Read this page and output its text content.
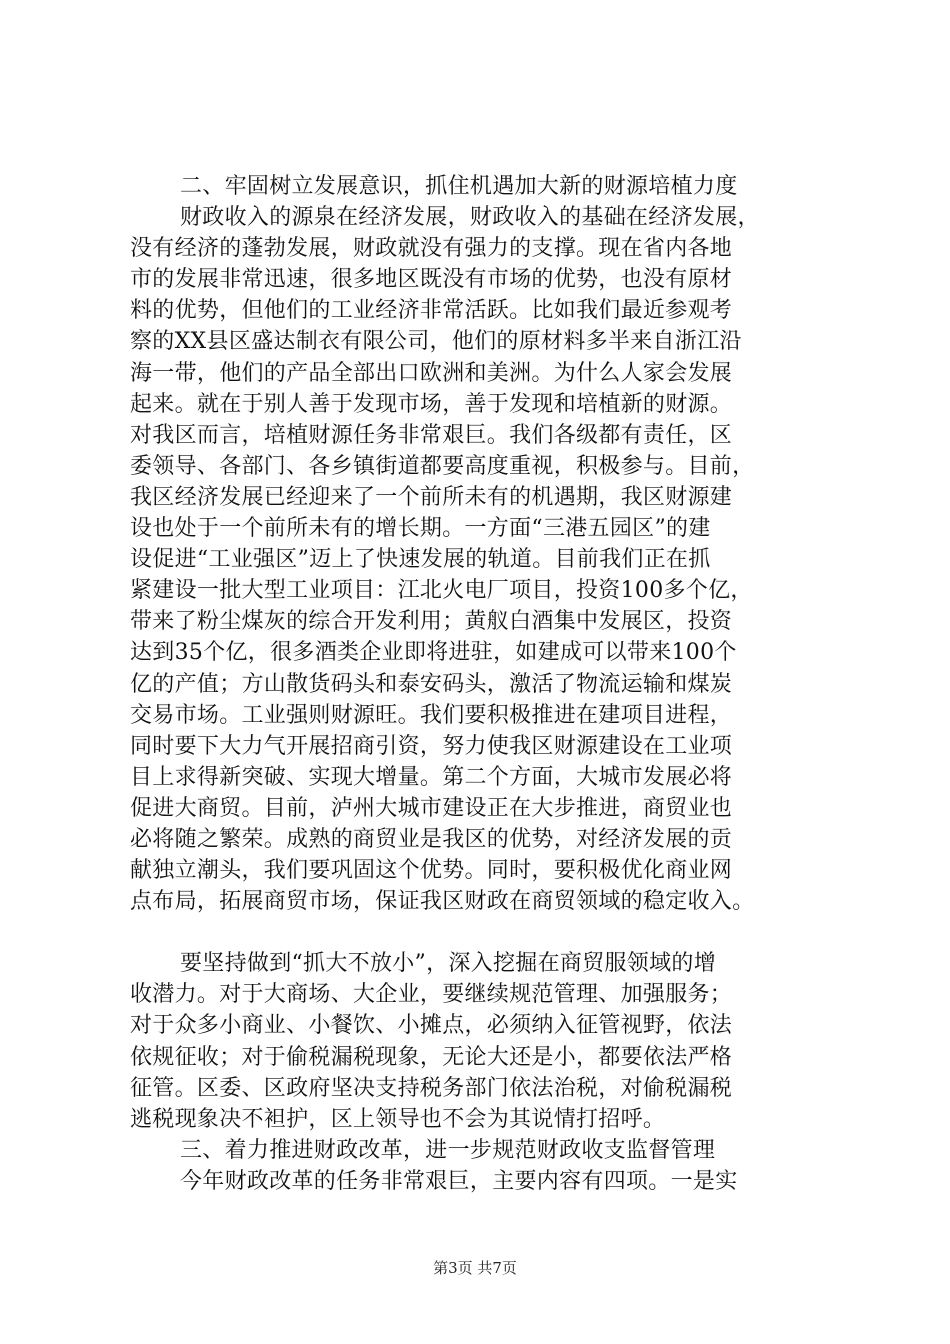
二、牢固树立发展意识，抓住机遇加大新的财源培植力度
财政收入的源泉在经济发展，财政收入的基础在经济发展，
没有经济的蓬勃发展，财政就没有强力的支撑。现在省内各地
市的发展非常迅速，很多地区既没有市场的优势，也没有原材
料的优势，但他们的工业经济非常活跃。比如我们最近参观考
察的XX县区盛达制衣有限公司，他们的原材料多半来自浙江沿
海一带，他们的产品全部出口欧洲和美洲。为什么人家会发展
起来。就在于别人善于发现市场，善于发现和培植新的财源。
对我区而言，培植财源任务非常艰巨。我们各级都有责任，区
委领导、各部门、各乡镇街道都要高度重视，积极参与。目前，
我区经济发展已经迎来了一个前所未有的机遇期，我区财源建
设也处于一个前所未有的增长期。一方面“三港五园区”的建
设促进“工业强区”迈上了快速发展的轨道。目前我们正在抓
紧建设一批大型工业项目：江北火电厂项目，投资100多个亿，
带来了粉尘煤灰的综合开发利用；黄舣白酒集中发展区，投资
达到35个亿，很多酒类企业即将进驻，如建成可以带来100个
亿的产值；方山散货码头和泰安码头，激活了物流运输和煤炭
交易市场。工业强则财源旺。我们要积极推进在建项目进程，
同时要下大力气开展招商引资，努力使我区财源建设在工业项
目上求得新突破、实现大增量。第二个方面，大城市发展必将
促进大商贸。目前，泸州大城市建设正在大步推进，商贸业也
必将随之繁荣。成熟的商贸业是我区的优势，对经济发展的贡
献独立潮头，我们要巩固这个优势。同时，要积极优化商业网
点布局，拓展商贸市场，保证我区财政在商贸领域的稳定收入。
要坚持做到“抓大不放小”，深入挖掘在商贸服领域的增
收潜力。对于大商场、大企业，要继续规范管理、加强服务；
对于众多小商业、小餐饮、小摊点，必须纳入征管视野，依法
依规征收；对于偷税漏税现象，无论大还是小，都要依法严格
征管。区委、区政府坚决支持税务部门依法治税，对偷税漏税
逃税现象决不袒护，区上领导也不会为其说情打招呼。
三、着力推进财政改革，进一步规范财政收支监督管理
今年财政改革的任务非常艰巨，主要内容有四项。一是实
第3页 共7页
